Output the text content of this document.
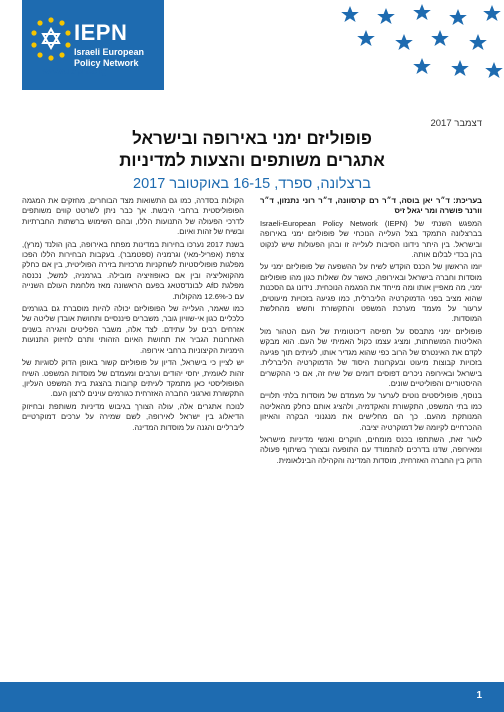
IEPN
Israeli European Policy Network
www.iepn.org
דצמבר 2017
פופוליזם ימני באירופה ובישראל
אתגרים משותפים והצעות למדיניות
ברצלונה, ספרד, 16-15 באוקטובר 2017

בעריכת: ד״ר יאן בוסה, ד״ר רם קרסוונה, ד״ר רוני נתנזון, ד״ר וורנר פושרה ומר יגאל זיס

המפגש השנתי של Israeli-European Policy Network (IEPN) בברצלונה התמקד בצל העלייה הנוכחי של פופוליזם ימני באירופה ובישראל. בין היתר נידונו הסיבות לעלייה זו ובהן הפעולות שיש לנקוט בהן בכדי לבלום אותה.

יומו הראשון של הכנס הוקדש לשיח על ההשפעה של פופוליזם ימני על מוסדות וחברה בישראל ובאירופה, כאשר עלו שאלות כגון מהו פופוליזם ימני, מה מאפיין אותו ומה מייחד את המגמה הנוכחית. נידונו גם הסכנות שהוא מציב בפני הדמוקרטיה הליברלית, כמו פגיעה בזכויות מיעוטים, ערעור על מעמד מערכת המשפט והתקשורת וחשש מהחלשת המוסדות.

פופוליזם ימני מתבסס על תפיסה דיכוטומית של העם הטהור מול האליטות המושחתות, ומציג עצמו כקול האמיתי של העם. הוא מבקש לקדם את האינטרס של הרוב כפי שהוא מגדיר אותו, לעיתים תוך פגיעה בזכויות קבוצות מיעוט ובעקרונות היסוד של הדמוקרטיה הליברלית. בישראל ובאירופה ניכרים דפוסים דומים של שיח זה, אם כי ההקשרים ההיסטוריים והפוליטיים שונים.

בנוסף, פופוליסטים נוטים לערער על מעמדם של מוסדות בלתי תלויים כמו בתי המשפט, התקשורת והאקדמיה, ולהציג אותם כחלק מהאליטה המנותקת מהעם. כך הם מחלישים את מנגנוני הבקרה והאיזון ההכרחיים לקיומה של דמוקרטיה יציבה.

לאור זאת, השתתפו בכנס מומחים, חוקרים ואנשי מדיניות מישראל ומאירופה, שדנו בדרכים להתמודד עם התופעה ובצורך בשיתוף פעולה הדוק בין החברה האזרחית, מוסדות המדינה והקהילה הבינלאומית.

הקולות בסדרה, כמו גם התשואות מצד הבוחרים, מחזקים את המגמה הפופוליסטית ברחבי היבשת. אך כבר ניתן לשרטט קווים משותפים לדרכי הפעולה של התנועות הללו, ובהם השימוש ברשתות החברתיות ובשיח של זהות ואיום.

בשנת 2017 נערכו בחירות במדינות מפתח באירופה, בהן הולנד (מרץ), צרפת (אפריל-מאי) וגרמניה (ספטמבר). בעקבות הבחירות הללו הפכו מפלגות פופוליסטיות לשחקניות מרכזיות בזירה הפוליטית, בין אם כחלק מהקואליציה ובין אם כאופוזיציה מובילה. בגרמניה, למשל, נכנסה מפלגת AfD לבונדסטאג בפעם הראשונה מאז מלחמת העולם השנייה עם כ-12.6% מהקולות.

כמו שאמר, העלייה של הפופוליזם יכולה להיות מוסברת גם בגורמים כלכליים כגון אי-שוויון גובר, משברים פיננסיים ותחושת אובדן שליטה של אזרחים רבים על עתידם. לצד אלה, משבר הפליטים והגירה בשנים האחרונות הגביר את תחושת האיום הזהותי ותרם לחיזוק התנועות הימניות הקיצוניות ברחבי אירופה.

יש לציין כי בישראל, הדיון על פופוליזם קשור באופן הדוק לסוגיות של זהות לאומית, יחסי יהודים וערבים ומעמדם של מוסדות המשפט. השיח הפופוליסטי כאן מתמקד לעיתים קרובות בהצגת בית המשפט העליון, התקשורת וארגוני החברה האזרחית כגורמים עוינים לרצון העם.

לנוכח אתגרים אלה, עולה הצורך בגיבוש מדיניות משותפת ובחיזוק הדיאלוג בין ישראל לאירופה, לשם שמירה על ערכים דמוקרטיים ליברליים והגנה על מוסדות המדינה.

1
